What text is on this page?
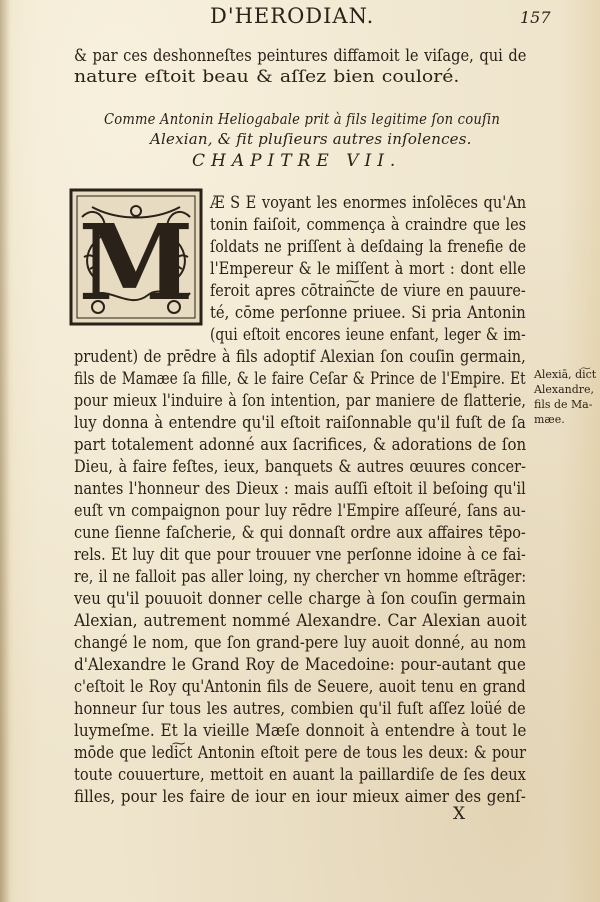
D'HERODIAN.	157
& par ces deshonneſtes peintures diffamoit le viſage, qui de
nature eſtoit beau & aſſez bien couloré.
Comme Antonin Heliogabale prit à fils legitime ſon couſin
Alexian, & fit pluſieurs autres inſolences.
CHAPITRE VII.
M Æ S E voyant les enormes inſolēces qu'An
tonin faiſoit, commença à craindre que les
ſoldats ne priſſent à deſdaing la frenefie de
l'Empereur & le miſſent à mort : dont elle
feroit apres cōtrain͠cte de viure en pauure-
té, cōme perſonne priuee. Si pria Antonin
(qui eſtoit encores ieune enfant, leger & im-
prudent) de prēdre à fils adoptif Alexian ſon couſin germain,
fils de Mamæe ſa fille, & le faire Ceſar & Prince de l'Empire. Et
pour mieux l'induire à ſon intention, par maniere de flatterie,
luy donna à entendre qu'il eſtoit raiſonnable qu'il fuſt de ſa
part totalement adonné aux ſacrifices, & adorations de ſon
Dieu, à faire feſtes, ieux, banquets & autres œuures concer-
nantes l'honneur des Dieux : mais auſſi eſtoit il beſoing qu'il
euſt vn compaignon pour luy rēdre l'Empire aſſeuré, ſans au-
cune ſienne faſcherie, & qui donnaſt ordre aux affaires tēpo-
rels. Et luy dit que pour trouuer vne perſonne idoine à ce fai-
re, il ne falloit pas aller loing, ny chercher vn homme eſtrāger:
veu qu'il pouuoit donner celle charge à ſon couſin germain
Alexian, autrement nommé Alexandre. Car Alexian auoit
changé le nom, que ſon grand-pere luy auoit donné, au nom
d'Alexandre le Grand Roy de Macedoine: pour-autant que
c'eſtoit le Roy qu'Antonin fils de Seuere, auoit tenu en grand
honneur ſur tous les autres, combien qu'il fuſt aſſez loüé de
luymeſme. Et la vieille Mæſe donnoit à entendre à tout le
mōde que ledi͠ct Antonin eſtoit pere de tous les deux: & pour
toute couuerture, mettoit en auant la paillardiſe de ſes deux
filles, pour les faire de iour en iour mieux aimer des genſ-
Alexiā, di͠ct
Alexandre,
fils de Ma-
mæe.
X
